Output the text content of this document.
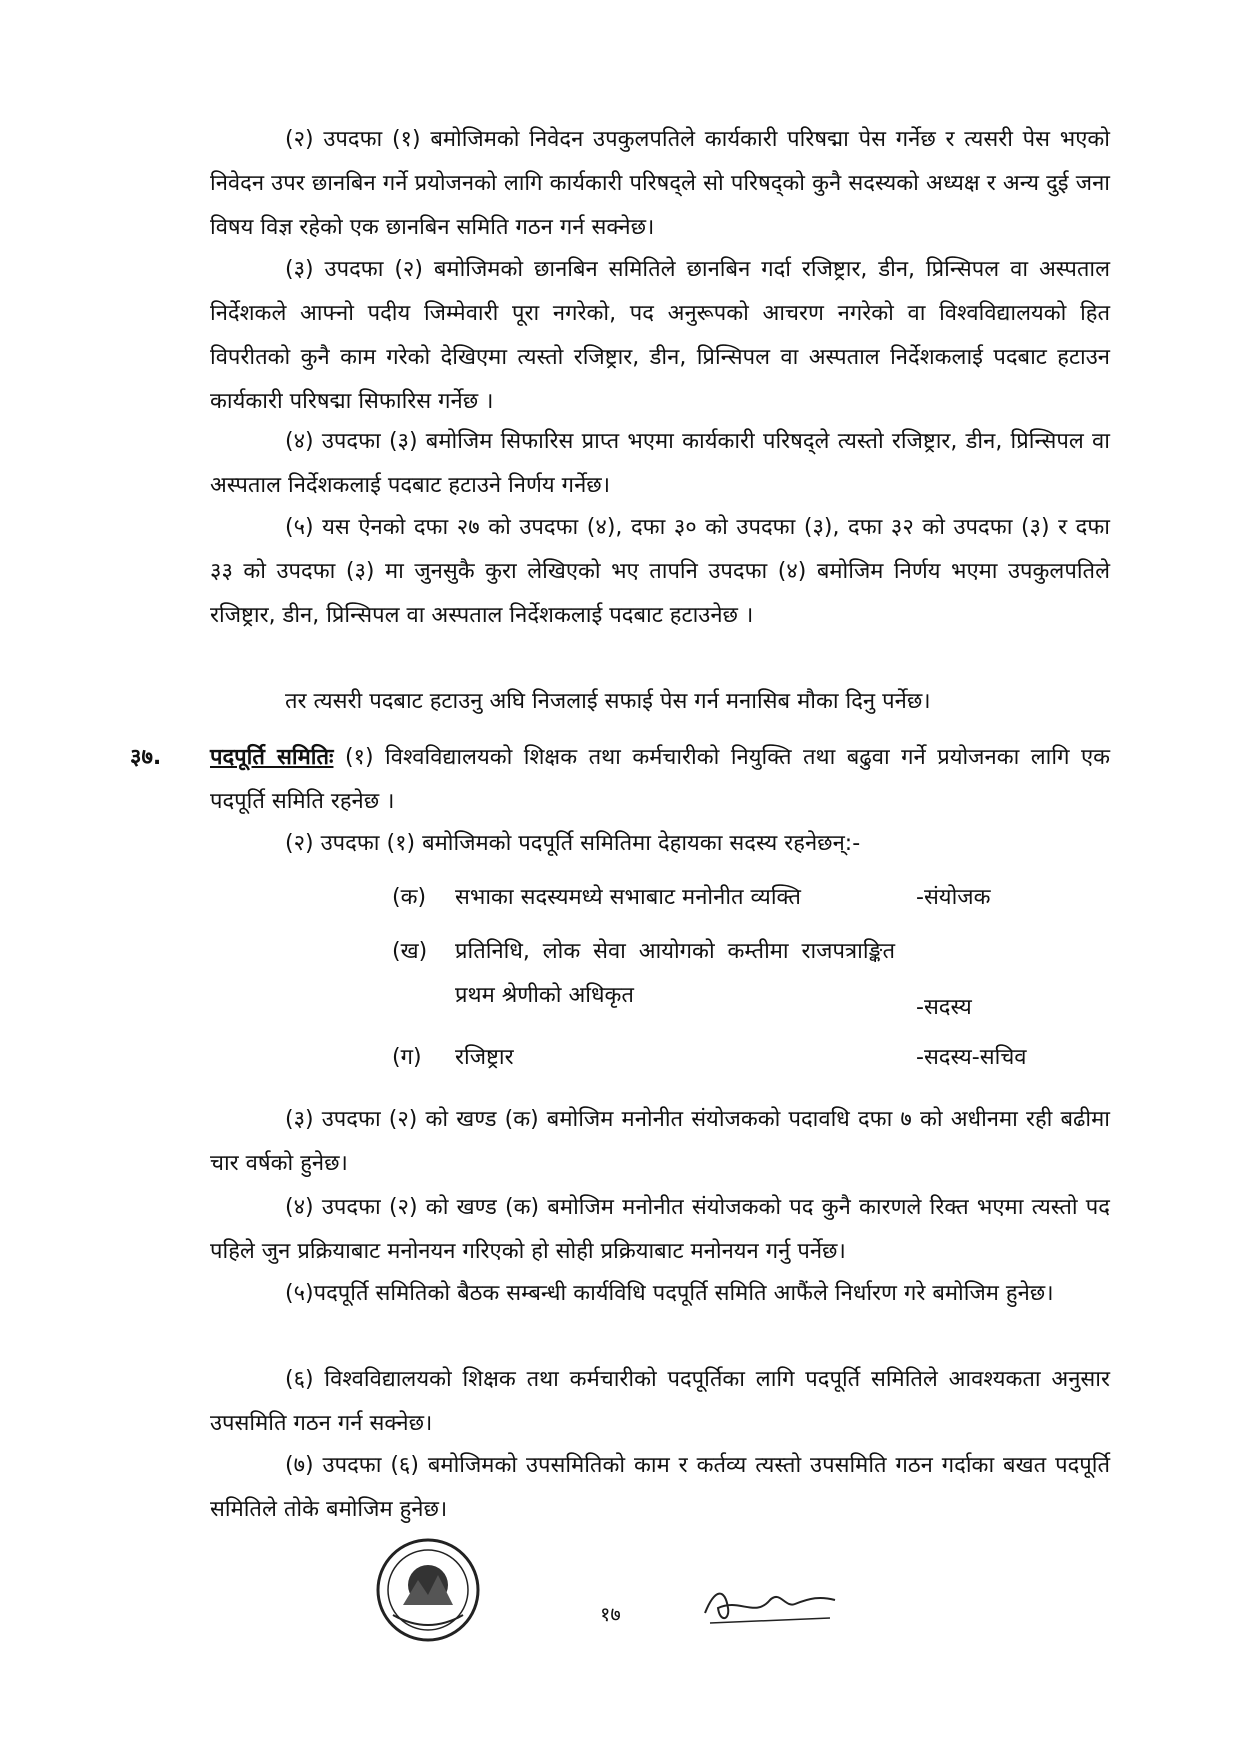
(२) उपदफा (१) बमोजिमको निवेदन उपकुलपतिले कार्यकारी परिषद्मा पेस गर्नेछ र त्यसरी पेस भएको निवेदन उपर छानबिन गर्ने प्रयोजनको लागि कार्यकारी परिषद्ले सो परिषद्को कुनै सदस्यको अध्यक्ष र अन्य दुई जना विषय विज्ञ रहेको एक छानबिन समिति गठन गर्न सक्नेछ।

(३) उपदफा (२) बमोजिमको छानबिन समितिले छानबिन गर्दा रजिष्ट्रार, डीन, प्रिन्सिपल वा अस्पताल निर्देशकले आफ्नो पदीय जिम्मेवारी पूरा नगरेको, पद अनुरूपको आचरण नगरेको वा विश्वविद्यालयको हित विपरीतको कुनै काम गरेको देखिएमा त्यस्तो रजिष्ट्रार, डीन, प्रिन्सिपल वा अस्पताल निर्देशकलाई पदबाट हटाउन कार्यकारी परिषद्मा सिफारिस गर्नेछ ।

(४) उपदफा (३) बमोजिम सिफारिस प्राप्त भएमा कार्यकारी परिषद्ले त्यस्तो रजिष्ट्रार, डीन, प्रिन्सिपल वा अस्पताल निर्देशकलाई पदबाट हटाउने निर्णय गर्नेछ।

(५) यस ऐनको दफा २७ को उपदफा (४), दफा ३० को उपदफा (३), दफा ३२ को उपदफा (३) र दफा ३३ को उपदफा (३) मा जुनसुकै कुरा लेखिएको भए तापनि उपदफा (४) बमोजिम निर्णय भएमा उपकुलपतिले रजिष्ट्रार, डीन, प्रिन्सिपल वा अस्पताल निर्देशकलाई पदबाट हटाउनेछ ।

तर त्यसरी पदबाट हटाउनु अघि निजलाई सफाई पेस गर्न मनासिब मौका दिनु पर्नेछ।

३७. पदपूर्ति समितिः (१) विश्वविद्यालयको शिक्षक तथा कर्मचारीको नियुक्ति तथा बढुवा गर्ने प्रयोजनका लागि एक पदपूर्ति समिति रहनेछ ।

(२) उपदफा (१) बमोजिमको पदपूर्ति समितिमा देहायका सदस्य रहनेछन्:-

(क) सभाका सदस्यमध्ये सभाबाट मनोनीत व्यक्ति	-संयोजक
(ख) प्रतिनिधि, लोक सेवा आयोगको कम्तीमा राजपत्राङ्कित प्रथम श्रेणीको अधिकृत	-सदस्य
(ग) रजिष्ट्रार	-सदस्य-सचिव

(३) उपदफा (२) को खण्ड (क) बमोजिम मनोनीत संयोजकको पदावधि दफा ७ को अधीनमा रही बढीमा चार वर्षको हुनेछ।

(४) उपदफा (२) को खण्ड (क) बमोजिम मनोनीत संयोजकको पद कुनै कारणले रिक्त भएमा त्यस्तो पद पहिले जुन प्रक्रियाबाट मनोनयन गरिएको हो सोही प्रक्रियाबाट मनोनयन गर्नु पर्नेछ।

(५)पदपूर्ति समितिको बैठक सम्बन्धी कार्यविधि पदपूर्ति समिति आफैंले निर्धारण गरे बमोजिम हुनेछ।

(६) विश्वविद्यालयको शिक्षक तथा कर्मचारीको पदपूर्तिका लागि पदपूर्ति समितिले आवश्यकता अनुसार उपसमिति गठन गर्न सक्नेछ।

(७) उपदफा (६) बमोजिमको उपसमितिको काम र कर्तव्य त्यस्तो उपसमिति गठन गर्दाका बखत पदपूर्ति समितिले तोके बमोजिम हुनेछ।

१७
